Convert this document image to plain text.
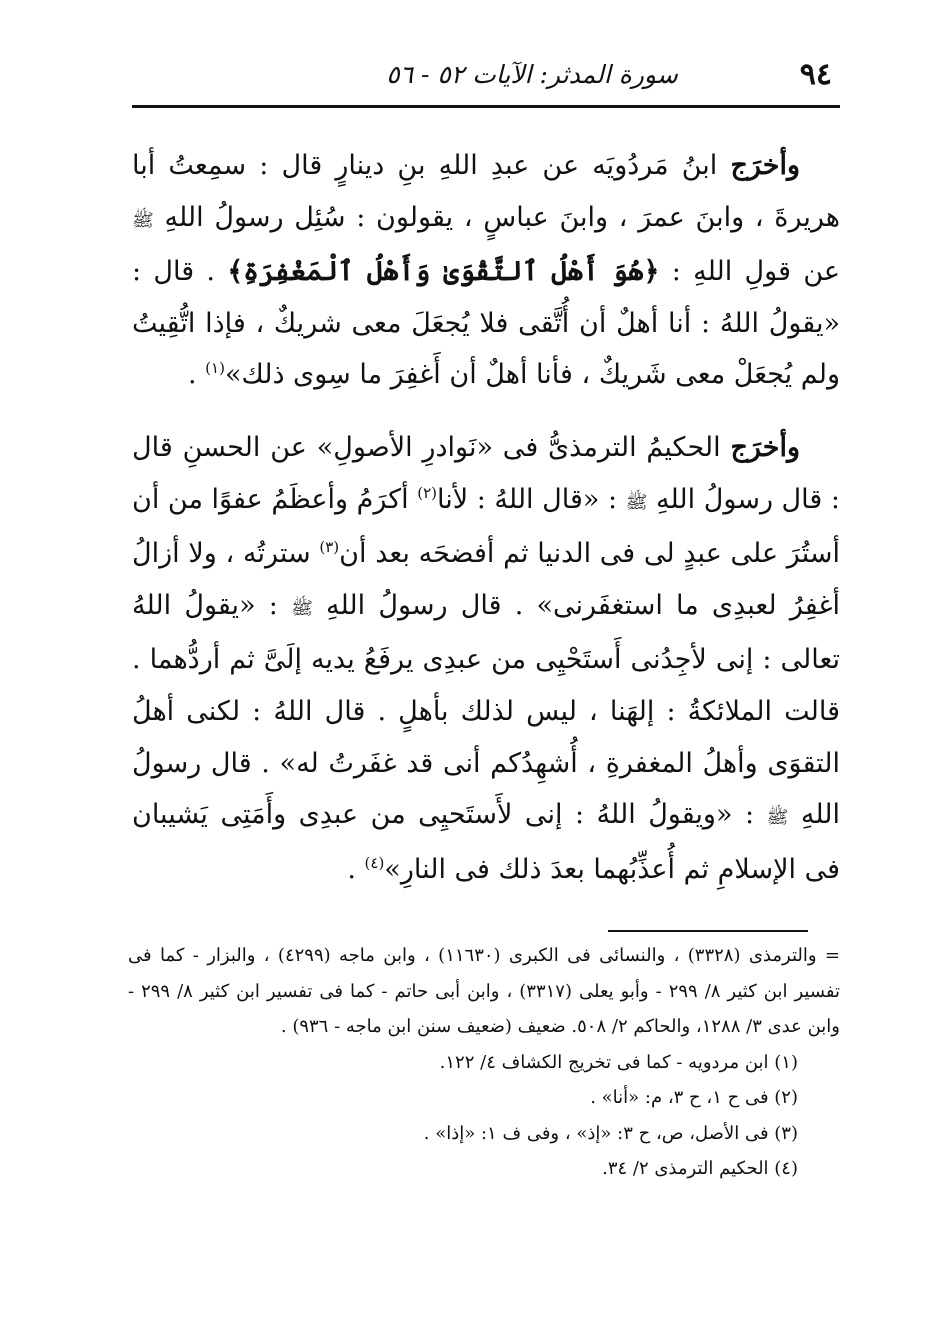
٩٤
سورة المدثر: الآيات ٥٢ - ٥٦

وأخرَج ابنُ مَردُويَه عن عبدِ اللهِ بنِ دينارٍ قال : سمِعتُ أبا هريرةَ ، وابنَ عمرَ ، وابنَ عباسٍ ، يقولون : سُئِل رسولُ اللهِ ﷺ عن قولِ اللهِ : ﴿هُوَ أَهْلُ ٱلتَّقْوَىٰ وَأَهْلُ ٱلْمَغْفِرَةِ﴾ . قال : «يقولُ اللهُ : أنا أهلٌ أن أُتَّقى فلا يُجعَلَ معى شريكٌ ، فإذا اتُّقِيتُ ولم يُجعَلْ معى شَريكٌ ، فأنا أهلٌ أن أَغفِرَ ما سِوى ذلك»$^{(١)}$ .

وأخرَج الحكيمُ الترمذىُّ فى «نَوادرِ الأصولِ» عن الحسنِ قال : قال رسولُ اللهِ ﷺ : «قال اللهُ : لأنا$^{(٢)}$ أكرَمُ وأعظَمُ عفوًا من أن أستُرَ على عبدٍ لى فى الدنيا ثم أفضحَه بعد أن$^{(٣)}$ سترتُه ، ولا أزالُ أغفِرُ لعبدِى ما استغفَرنى» . قال رسولُ اللهِ ﷺ : «يقولُ اللهُ تعالى : إنى لأجِدُنى أَستَحْيِى من عبدِى يرفَعُ يديه إلَىَّ ثم أردُّهما . قالت الملائكةُ : إلهَنا ، ليس لذلك بأهلٍ . قال اللهُ : لكنى أهلُ التقوَى وأهلُ المغفرةِ ، أُشهِدُكم أنى قد غفَرتُ له» . قال رسولُ اللهِ ﷺ : «ويقولُ اللهُ : إنى لأَستَحيِى من عبدِى وأَمَتِى يَشيبان فى الإسلامِ ثم أُعذِّبُهما بعدَ ذلك فى النارِ»$^{(٤)}$ .

= والترمذى (٣٣٢٨) ، والنسائى فى الكبرى (١١٦٣٠) ، وابن ماجه (٤٢٩٩) ، والبزار - كما فى تفسير ابن كثير ٨/ ٢٩٩ - وأبو يعلى (٣٣١٧) ، وابن أبى حاتم - كما فى تفسير ابن كثير ٨/ ٢٩٩ - وابن عدى ٣/ ١٢٨٨، والحاكم ٢/ ٥٠٨. ضعيف (ضعيف سنن ابن ماجه - ٩٣٦) .

(١) ابن مردويه - كما فى تخريج الكشاف ٤/ ١٢٢.

(٢) فى ح ١، ح ٣، م: «أنا» .

(٣) فى الأصل، ص، ح ٣: «إذ» ، وفى ف ١: «إذا» .

(٤) الحكيم الترمذى ٢/ ٣٤.
